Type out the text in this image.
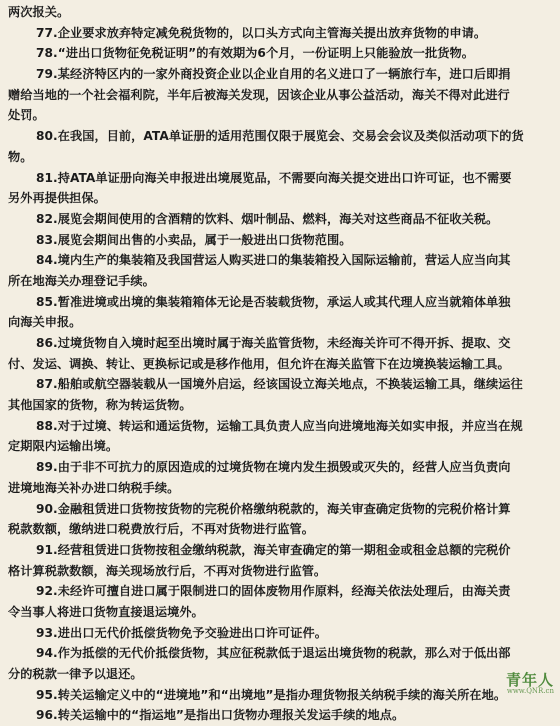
两次报关。
77.企业要求放弃特定减免税货物的，以口头方式向主管海关提出放弃货物的申请。
78.“进出口货物征免税证明”的有效期为6个月，一份证明上只能验放一批货物。
79.某经济特区内的一家外商投资企业以企业自用的名义进口了一辆旅行车，进口后即捐
赠给当地的一个社会福利院，半年后被海关发现，因该企业从事公益活动，海关不得对此进行
处罚。
80.在我国，目前，ATA单证册的适用范围仅限于展览会、交易会会议及类似活动项下的货
物。
81.持ATA单证册向海关申报进出境展览品，不需要向海关提交进出口许可证，也不需要
另外再提供担保。
82.展览会期间使用的含酒精的饮料、烟叶制品、燃料，海关对这些商品不征收关税。
83.展览会期间出售的小卖品，属于一般进出口货物范围。
84.境内生产的集装箱及我国营运人购买进口的集装箱投入国际运输前，营运人应当向其
所在地海关办理登记手续。
85.暂准进境或出境的集装箱箱体无论是否装载货物，承运人或其代理人应当就箱体单独
向海关申报。
86.过境货物自入境时起至出境时属于海关监管货物，未经海关许可不得开拆、提取、交
付、发运、调换、转让、更换标记或是移作他用，但允许在海关监管下在边境换装运输工具。
87.船舶或航空器装载从一国境外启运，经该国设立海关地点，不换装运输工具，继续运往
其他国家的货物，称为转运货物。
88.对于过境、转运和通运货物，运输工具负责人应当向进境地海关如实申报，并应当在规
定期限内运输出境。
89.由于非不可抗力的原因造成的过境货物在境内发生损毁或灭失的，经营人应当负责向
进境地海关补办进口纳税手续。
90.金融租赁进口货物按货物的完税价格缴纳税款的，海关审查确定货物的完税价格计算
税款数额，缴纳进口税费放行后，不再对货物进行监管。
91.经营租赁进口货物按租金缴纳税款，海关审查确定的第一期租金或租金总额的完税价
格计算税款数额，海关现场放行后，不再对货物进行监管。
92.未经许可擅自进口属于限制进口的固体废物用作原料，经海关依法处理后，由海关责
令当事人将进口货物直接退运境外。
93.进出口无代价抵偿货物免予交验进出口许可证件。
94.作为抵偿的无代价抵偿货物，其应征税款低于退运出境货物的税款，那么对于低出部
分的税款一律予以退还。
95.转关运输定义中的“进境地”和“出境地”是指办理货物报关纳税手续的海关所在地。
96.转关运输中的“指运地”是指出口货物办理报关发运手续的地点。
青年人
www.QNR.cn
